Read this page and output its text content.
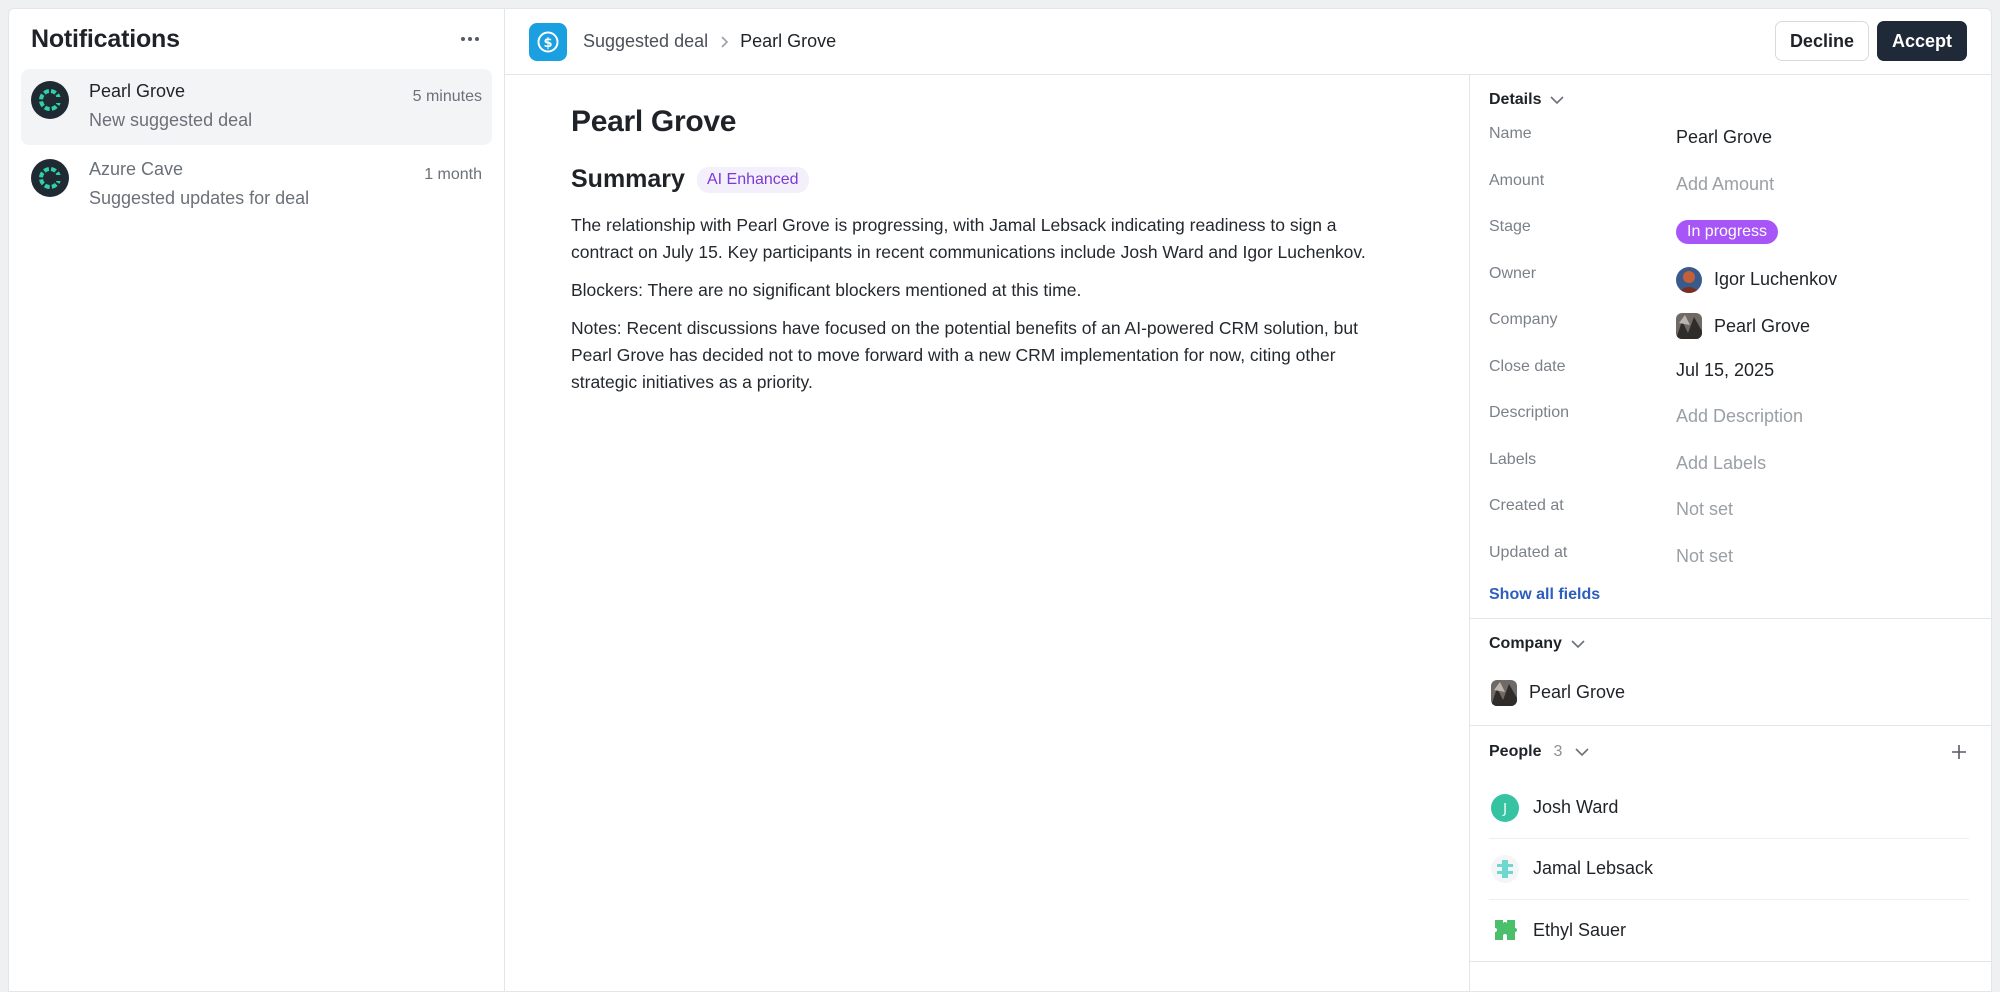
Notifications
Pearl Grove
New suggested deal
5 minutes
Azure Cave
Suggested updates for deal
1 month
$ Suggested deal Pearl Grove	Decline	Accept
Pearl Grove
Summary	AI Enhanced

The relationship with Pearl Grove is progressing, with Jamal Lebsack indicating readiness to sign a contract on July 15. Key participants in recent communications include Josh Ward and Igor Luchenkov.

Blockers: There are no significant blockers mentioned at this time.

Notes: Recent discussions have focused on the potential benefits of an AI-powered CRM solution, but Pearl Grove has decided not to move forward with a new CRM implementation for now, citing other strategic initiatives as a priority.

Details
Name	Pearl Grove
Amount	Add Amount
Stage	In progress
Owner	Igor Luchenkov
Company	Pearl Grove
Close date	Jul 15, 2025
Description	Add Description
Labels	Add Labels
Created at	Not set
Updated at	Not set
Show all fields
Company
Pearl Grove
People 3
J Josh Ward
Jamal Lebsack
Ethyl Sauer
